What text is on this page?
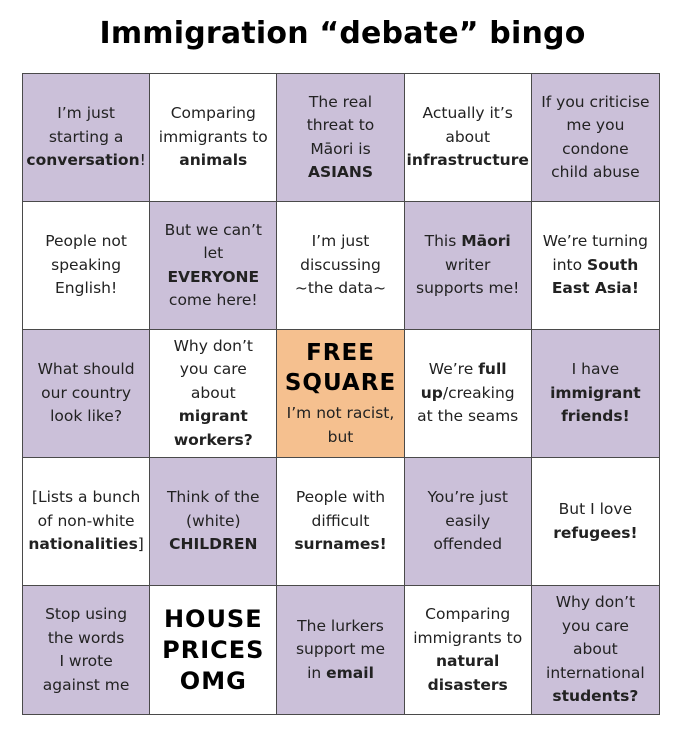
Immigration “debate” bingo
I’m just
starting a
conversation!
Comparing
immigrants to
animals
The real
threat to
Māori is
ASIANS
Actually it’s
about
infrastructure
If you criticise
me you
condone
child abuse
People not
speaking
English!
But we can’t
let EVERYONE
come here!
I’m just
discussing
~the data~
This Māori
writer
supports me!
We’re turning
into South
East Asia!
What should
our country
look like?
Why don’t
you care
about
migrant
workers?
FREE
SQUARE
I’m not racist,
but
We’re full
up/creaking
at the seams
I have
immigrant
friends!
[Lists a bunch
of non-white
nationalities]
Think of the
(white)
CHILDREN
People with
difficult
surnames!
You’re just
easily
offended
But I love
refugees!
Stop using
the words
I wrote
against me
HOUSE
PRICES
OMG
The lurkers
support me
in email
Comparing
immigrants to
natural
disasters
Why don’t
you care
about
international
students?
